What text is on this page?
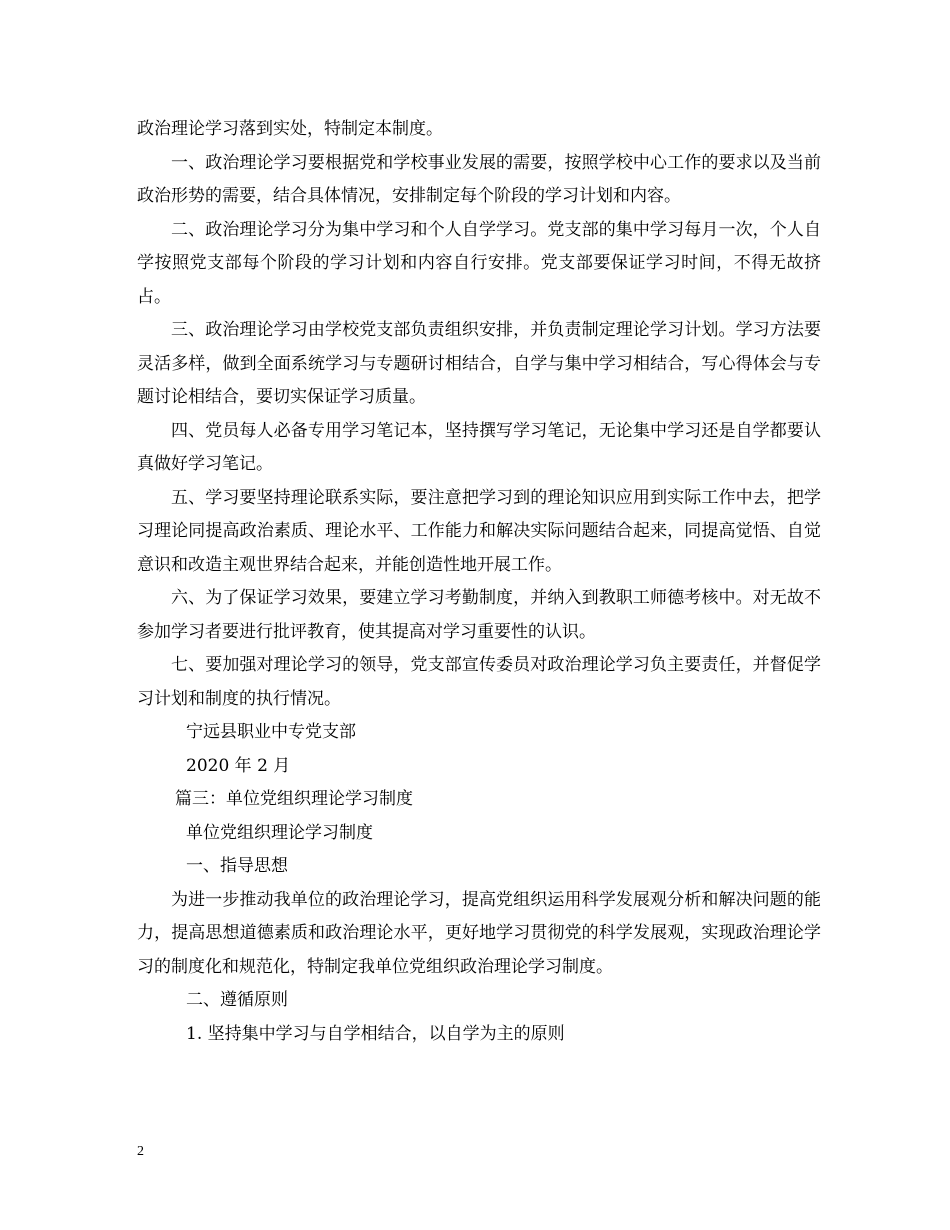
政治理论学习落到实处，特制定本制度。

一、政治理论学习要根据党和学校事业发展的需要，按照学校中心工作的要求以及当前政治形势的需要，结合具体情况，安排制定每个阶段的学习计划和内容。

二、政治理论学习分为集中学习和个人自学学习。党支部的集中学习每月一次，个人自学按照党支部每个阶段的学习计划和内容自行安排。党支部要保证学习时间，不得无故挤占。

三、政治理论学习由学校党支部负责组织安排，并负责制定理论学习计划。学习方法要灵活多样，做到全面系统学习与专题研讨相结合，自学与集中学习相结合，写心得体会与专题讨论相结合，要切实保证学习质量。

四、党员每人必备专用学习笔记本，坚持撰写学习笔记，无论集中学习还是自学都要认真做好学习笔记。

五、学习要坚持理论联系实际，要注意把学习到的理论知识应用到实际工作中去，把学习理论同提高政治素质、理论水平、工作能力和解决实际问题结合起来，同提高觉悟、自觉意识和改造主观世界结合起来，并能创造性地开展工作。

六、为了保证学习效果，要建立学习考勤制度，并纳入到教职工师德考核中。对无故不参加学习者要进行批评教育，使其提高对学习重要性的认识。

七、要加强对理论学习的领导，党支部宣传委员对政治理论学习负主要责任，并督促学习计划和制度的执行情况。

宁远县职业中专党支部

2020 年 2 月

篇三：单位党组织理论学习制度

单位党组织理论学习制度

一、指导思想

为进一步推动我单位的政治理论学习，提高党组织运用科学发展观分析和解决问题的能力，提高思想道德素质和政治理论水平，更好地学习贯彻党的科学发展观，实现政治理论学习的制度化和规范化，特制定我单位党组织政治理论学习制度。

二、遵循原则

1. 坚持集中学习与自学相结合，以自学为主的原则

2
